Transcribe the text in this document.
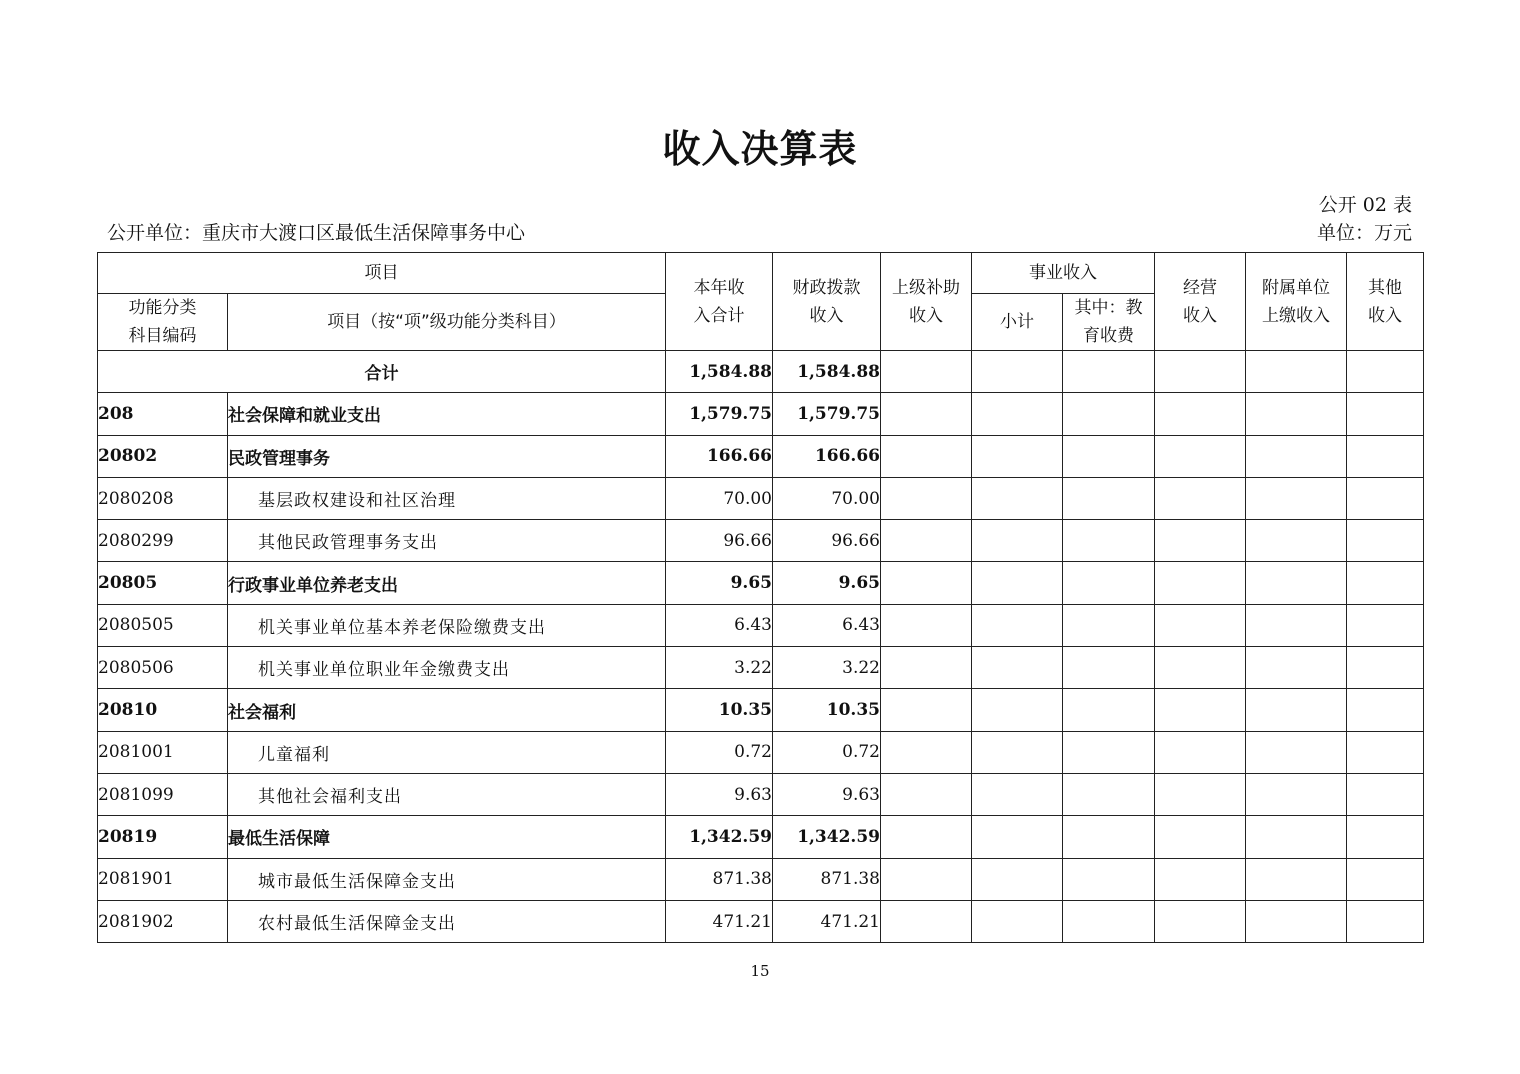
收入决算表
公开 02 表
公开单位：重庆市大渡口区最低生活保障事务中心	单位：万元
项目		本年收入合计	财政拨款收入	上级补助收入	事业收入		经营收入	附属单位上缴收入	其他收入

功能分类科目编码	项目（按“项”级功能分类科目）				小计	其中：教育收费			

合计		1,584.88	1,584.88						
208	社会保障和就业支出	1,579.75	1,579.75						
20802	民政管理事务	166.66	166.66						
2080208	基层政权建设和社区治理	70.00	70.00						
2080299	其他民政管理事务支出	96.66	96.66						
20805	行政事业单位养老支出	9.65	9.65						
2080505	机关事业单位基本养老保险缴费支出	6.43	6.43						
2080506	机关事业单位职业年金缴费支出	3.22	3.22						
20810	社会福利	10.35	10.35						
2081001	儿童福利	0.72	0.72						
2081099	其他社会福利支出	9.63	9.63						
20819	最低生活保障	1,342.59	1,342.59						
2081901	城市最低生活保障金支出	871.38	871.38						
2081902	农村最低生活保障金支出	471.21	471.21						
15
